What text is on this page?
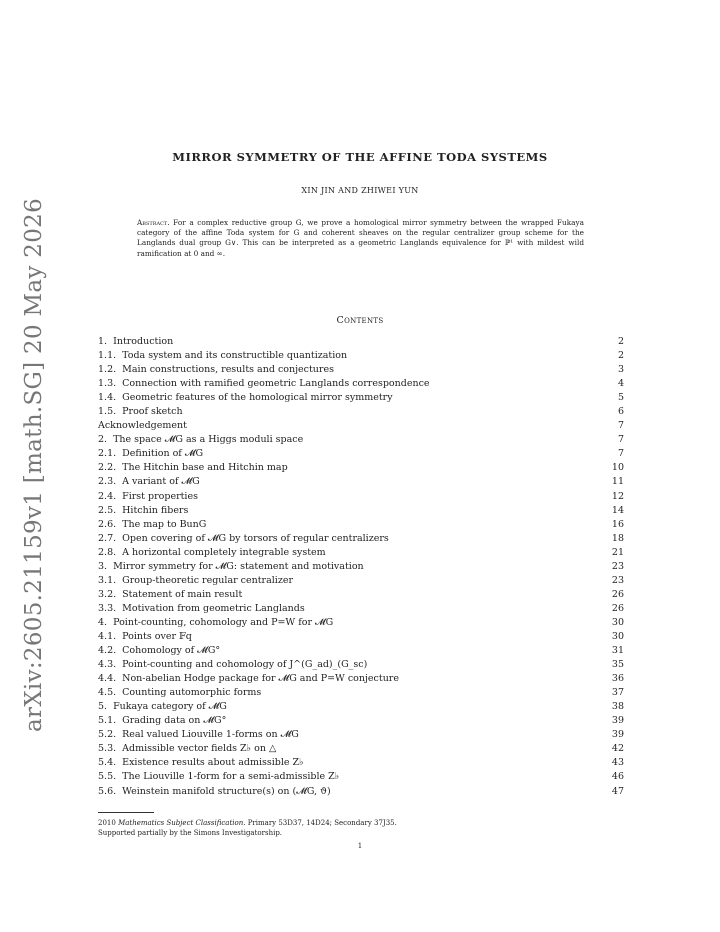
arXiv:2605.21159v1 [math.SG] 20 May 2026
MIRROR SYMMETRY OF THE AFFINE TODA SYSTEMS
XIN JIN AND ZHIWEI YUN
Abstract. For a complex reductive group G, we prove a homological mirror symmetry between the wrapped Fukaya category of the affine Toda system for G and coherent sheaves on the regular centralizer group scheme for the Langlands dual group G∨. This can be interpreted as a geometric Langlands equivalence for ℙ¹ with mildest wild ramification at 0 and ∞.
Contents
1. Introduction	2
1.1. Toda system and its constructible quantization	2
1.2. Main constructions, results and conjectures	3
1.3. Connection with ramified geometric Langlands correspondence	4
1.4. Geometric features of the homological mirror symmetry	5
1.5. Proof sketch	6
Acknowledgement	7
2. The space 𝓜G as a Higgs moduli space	7
2.1. Definition of 𝓜G	7
2.2. The Hitchin base and Hitchin map	10
2.3. A variant of 𝓜G	11
2.4. First properties	12
2.5. Hitchin fibers	14
2.6. The map to BunG	16
2.7. Open covering of 𝓜G by torsors of regular centralizers	18
2.8. A horizontal completely integrable system	21
3. Mirror symmetry for 𝓜G: statement and motivation	23
3.1. Group-theoretic regular centralizer	23
3.2. Statement of main result	26
3.3. Motivation from geometric Langlands	26
4. Point-counting, cohomology and P=W for 𝓜G	30
4.1. Points over 𝔽q	30
4.2. Cohomology of 𝓜G°	31
4.3. Point-counting and cohomology of J^(G_ad)_(G_sc)	35
4.4. Non-abelian Hodge package for 𝓜G and P=W conjecture	36
4.5. Counting automorphic forms	37
5. Fukaya category of 𝓜G	38
5.1. Grading data on 𝓜G°	39
5.2. Real valued Liouville 1-forms on 𝓜G	39
5.3. Admissible vector fields Z♭ on △	42
5.4. Existence results about admissible Z♭	43
5.5. The Liouville 1-form for a semi-admissible Z♭	46
5.6. Weinstein manifold structure(s) on (𝓜G, ϑ)	47
2010 Mathematics Subject Classification. Primary 53D37, 14D24; Secondary 37J35.
Supported partially by the Simons Investigatorship.
1
